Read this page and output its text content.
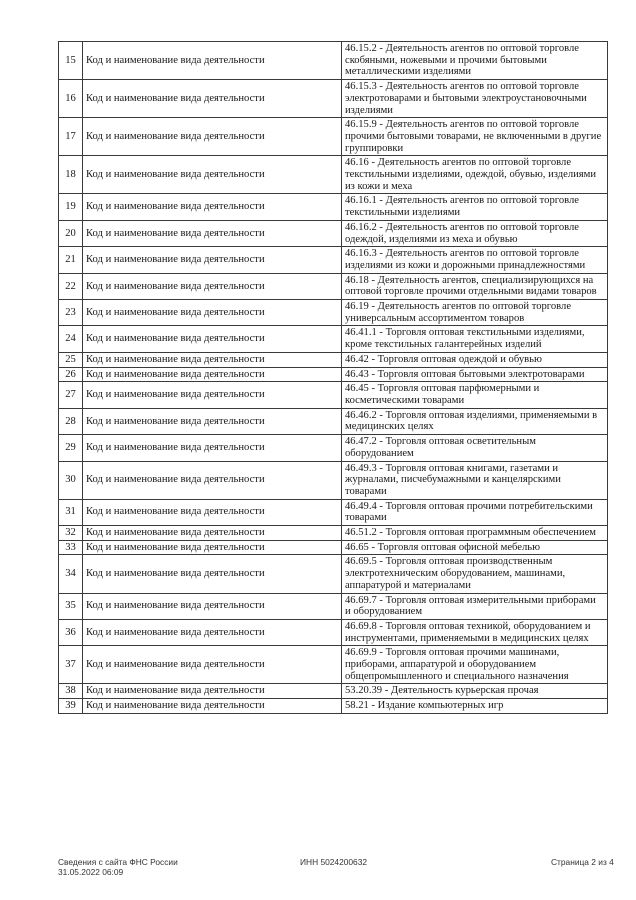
15	Код и наименование вида деятельности	46.15.2 - Деятельность агентов по оптовой торговле скобяными, ножевыми и прочими бытовыми металлическими изделиями
16	Код и наименование вида деятельности	46.15.3 - Деятельность агентов по оптовой торговле электротоварами и бытовыми электроустановочными изделиями
17	Код и наименование вида деятельности	46.15.9 - Деятельность агентов по оптовой торговле прочими бытовыми товарами, не включенными в другие группировки
18	Код и наименование вида деятельности	46.16 - Деятельность агентов по оптовой торговле текстильными изделиями, одеждой, обувью, изделиями из кожи и меха
19	Код и наименование вида деятельности	46.16.1 - Деятельность агентов по оптовой торговле текстильными изделиями
20	Код и наименование вида деятельности	46.16.2 - Деятельность агентов по оптовой торговле одеждой, изделиями из меха и обувью
21	Код и наименование вида деятельности	46.16.3 - Деятельность агентов по оптовой торговле изделиями из кожи и дорожными принадлежностями
22	Код и наименование вида деятельности	46.18 - Деятельность агентов, специализирующихся на оптовой торговле прочими отдельными видами товаров
23	Код и наименование вида деятельности	46.19 - Деятельность агентов по оптовой торговле универсальным ассортиментом товаров
24	Код и наименование вида деятельности	46.41.1 - Торговля оптовая текстильными изделиями, кроме текстильных галантерейных изделий
25	Код и наименование вида деятельности	46.42 - Торговля оптовая одеждой и обувью
26	Код и наименование вида деятельности	46.43 - Торговля оптовая бытовыми электротоварами
27	Код и наименование вида деятельности	46.45 - Торговля оптовая парфюмерными и косметическими товарами
28	Код и наименование вида деятельности	46.46.2 - Торговля оптовая изделиями, применяемыми в медицинских целях
29	Код и наименование вида деятельности	46.47.2 - Торговля оптовая осветительным оборудованием
30	Код и наименование вида деятельности	46.49.3 - Торговля оптовая книгами, газетами и журналами, писчебумажными и канцелярскими товарами
31	Код и наименование вида деятельности	46.49.4 - Торговля оптовая прочими потребительскими товарами
32	Код и наименование вида деятельности	46.51.2 - Торговля оптовая программным обеспечением
33	Код и наименование вида деятельности	46.65 - Торговля оптовая офисной мебелью
34	Код и наименование вида деятельности	46.69.5 - Торговля оптовая производственным электротехническим оборудованием, машинами, аппаратурой и материалами
35	Код и наименование вида деятельности	46.69.7 - Торговля оптовая измерительными приборами и оборудованием
36	Код и наименование вида деятельности	46.69.8 - Торговля оптовая техникой, оборудованием и инструментами, применяемыми в медицинских целях
37	Код и наименование вида деятельности	46.69.9 - Торговля оптовая прочими машинами, приборами, аппаратурой и оборудованием общепромышленного и специального назначения
38	Код и наименование вида деятельности	53.20.39 - Деятельность курьерская прочая
39	Код и наименование вида деятельности	58.21 - Издание компьютерных игр
Сведения с сайта ФНС России
31.05.2022 06:09
ИНН 5024200632	Страница 2 из 4
